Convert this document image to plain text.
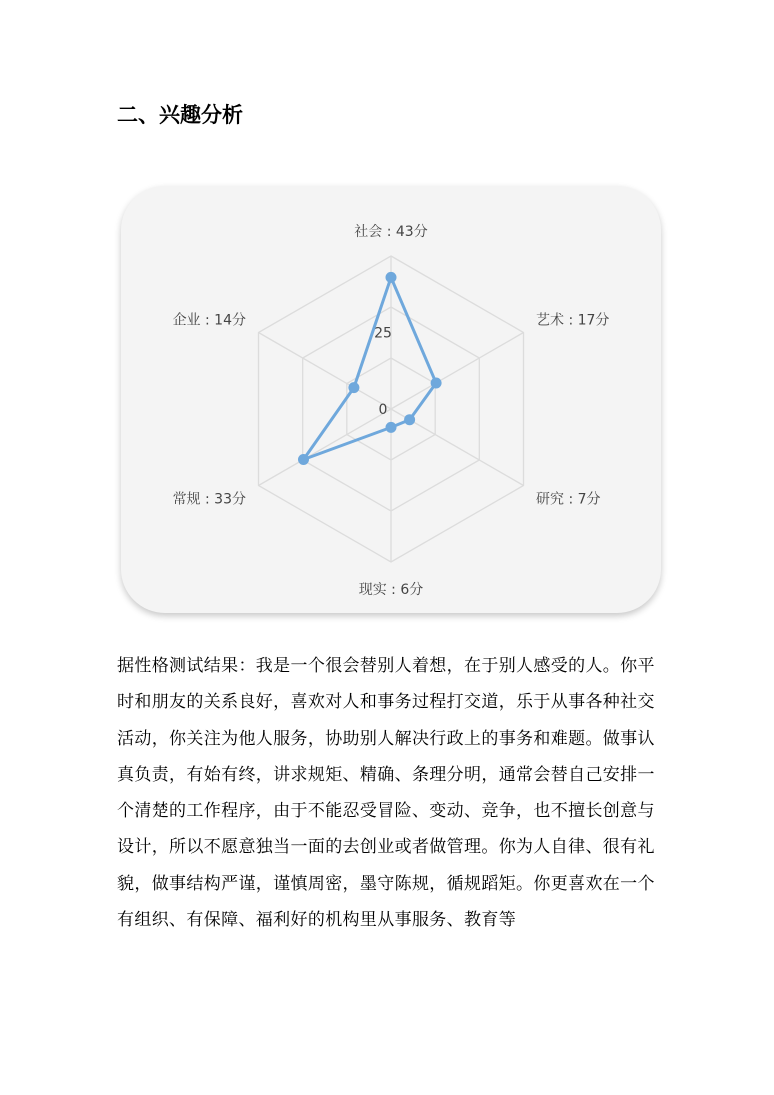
二、兴趣分析
0
25
社会 : 43分
艺术 : 17分
研究 : 7分
现实 : 6分
常规 : 33分
企业 : 14分

据性格测试结果：我是一个很会替别人着想，在于别人感受的人。你平时和朋友的关系良好，喜欢对人和事务过程打交道，乐于从事各种社交活动，你关注为他人服务，协助别人解决行政上的事务和难题。做事认真负责，有始有终，讲求规矩、精确、条理分明，通常会替自己安排一个清楚的工作程序，由于不能忍受冒险、变动、竞争，也不擅长创意与设计，所以不愿意独当一面的去创业或者做管理。你为人自律、很有礼貌，做事结构严谨，谨慎周密，墨守陈规，循规蹈矩。你更喜欢在一个有组织、有保障、福利好的机构里从事服务、教育等
